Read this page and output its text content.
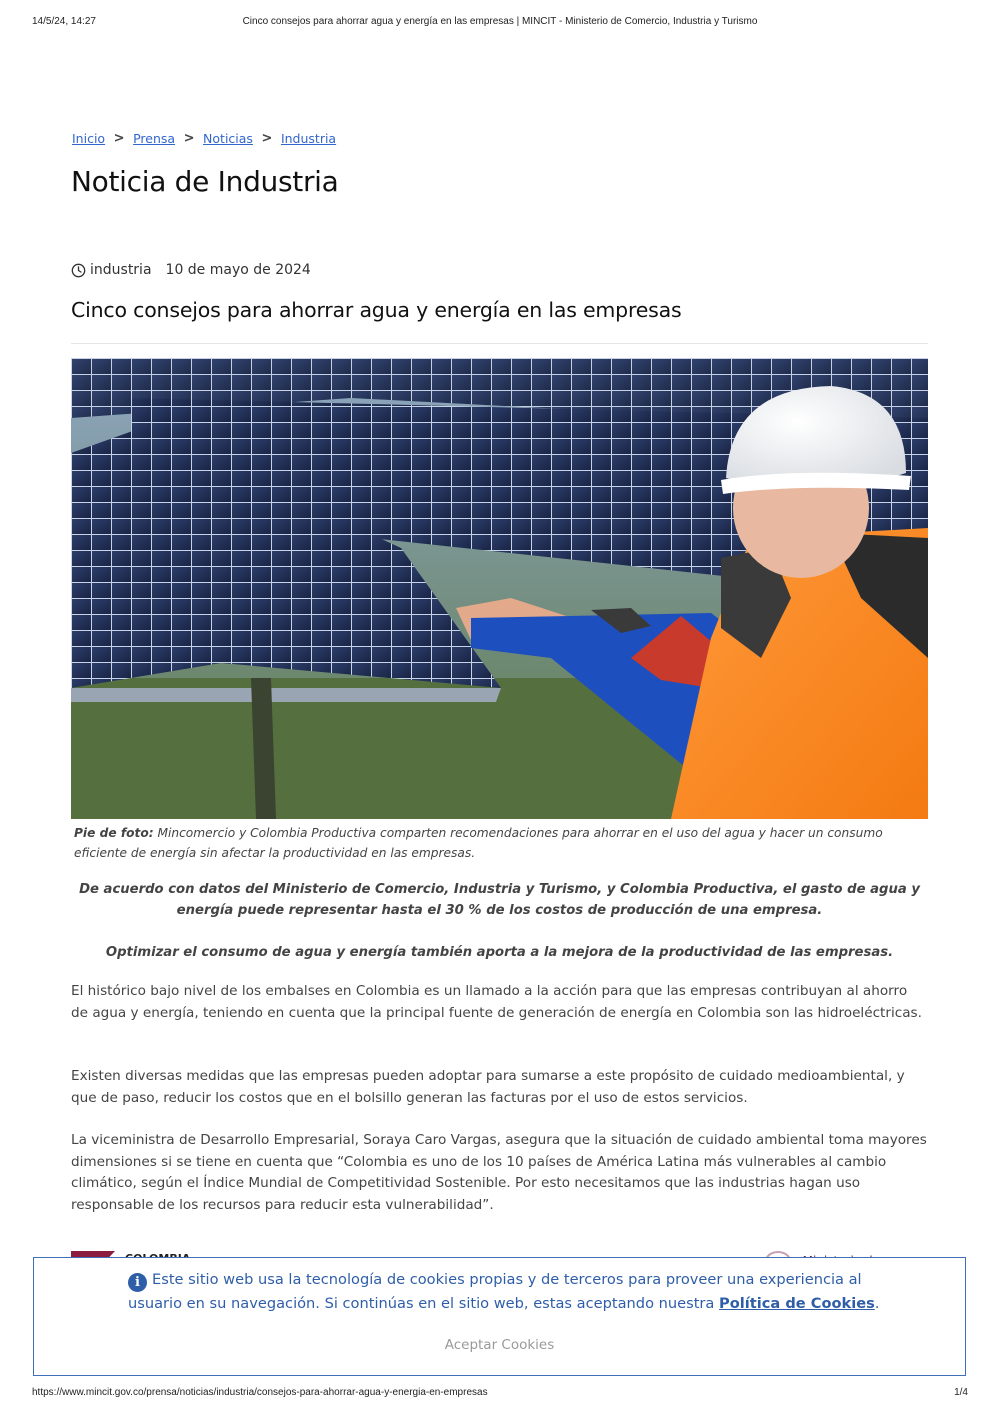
14/5/24, 14:27	Cinco consejos para ahorrar agua y energía en las empresas | MINCIT - Ministerio de Comercio, Industria y Turismo
Inicio > Prensa > Noticias > Industria
Noticia de Industria
industria 10 de mayo de 2024
Cinco consejos para ahorrar agua y energía en las empresas

Pie de foto: Mincomercio y Colombia Productiva comparten recomendaciones para ahorrar en el uso del agua y hacer un consumo eficiente de energía sin afectar la productividad en las empresas.

De acuerdo con datos del Ministerio de Comercio, Industria y Turismo, y Colombia Productiva, el gasto de agua y energía puede representar hasta el 30 % de los costos de producción de una empresa.

Optimizar el consumo de agua y energía también aporta a la mejora de la productividad de las empresas.

El histórico bajo nivel de los embalses en Colombia es un llamado a la acción para que las empresas contribuyan al ahorro de agua y energía, teniendo en cuenta que la principal fuente de generación de energía en Colombia son las hidroeléctricas.

Existen diversas medidas que las empresas pueden adoptar para sumarse a este propósito de cuidado medioambiental, y que de paso, reducir los costos que en el bolsillo generan las facturas por el uso de estos servicios.

La viceministra de Desarrollo Empresarial, Soraya Caro Vargas, asegura que la situación de cuidado ambiental toma mayores dimensiones si se tiene en cuenta que “Colombia es uno de los 10 países de América Latina más vulnerables al cambio climático, según el Índice Mundial de Competitividad Sostenible. Por esto necesitamos que las industrias hagan uso responsable de los recursos para reducir esta vulnerabilidad”.

i Este sitio web usa la tecnología de cookies propias y de terceros para proveer una experiencia al usuario en su navegación. Si continúas en el sitio web, estas aceptando nuestra Política de Cookies.

Aceptar Cookies
https://www.mincit.gov.co/prensa/noticias/industria/consejos-para-ahorrar-agua-y-energia-en-empresas	1/4
